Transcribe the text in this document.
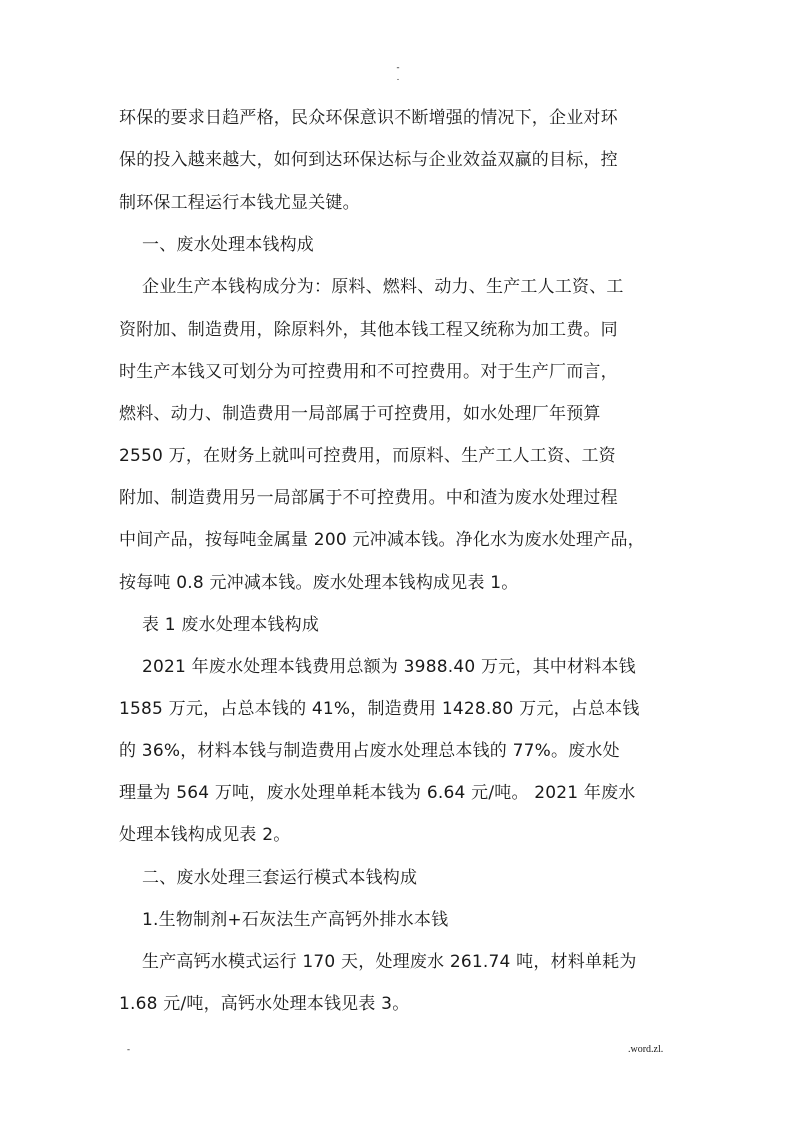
-
.
环保的要求日趋严格，民众环保意识不断增强的情况下，企业对环
保的投入越来越大，如何到达环保达标与企业效益双赢的目标，控
制环保工程运行本钱尤显关键。
一、废水处理本钱构成
企业生产本钱构成分为：原料、燃料、动力、生产工人工资、工
资附加、制造费用，除原料外，其他本钱工程又统称为加工费。同
时生产本钱又可划分为可控费用和不可控费用。对于生产厂而言，
燃料、动力、制造费用一局部属于可控费用，如水处理厂年预算
2550 万，在财务上就叫可控费用，而原料、生产工人工资、工资
附加、制造费用另一局部属于不可控费用。中和渣为废水处理过程
中间产品，按每吨金属量 200 元冲减本钱。净化水为废水处理产品，
按每吨 0.8 元冲减本钱。废水处理本钱构成见表 1。
表 1 废水处理本钱构成
2021 年废水处理本钱费用总额为 3988.40 万元，其中材料本钱
1585 万元，占总本钱的 41%，制造费用 1428.80 万元，占总本钱
的 36%，材料本钱与制造费用占废水处理总本钱的 77%。废水处
理量为 564 万吨，废水处理单耗本钱为 6.64 元/吨。 2021 年废水
处理本钱构成见表 2。
二、废水处理三套运行模式本钱构成
1.生物制剂+石灰法生产高钙外排水本钱
生产高钙水模式运行 170 天，处理废水 261.74 吨，材料单耗为
1.68 元/吨，高钙水处理本钱见表 3。
-	.word.zl.
